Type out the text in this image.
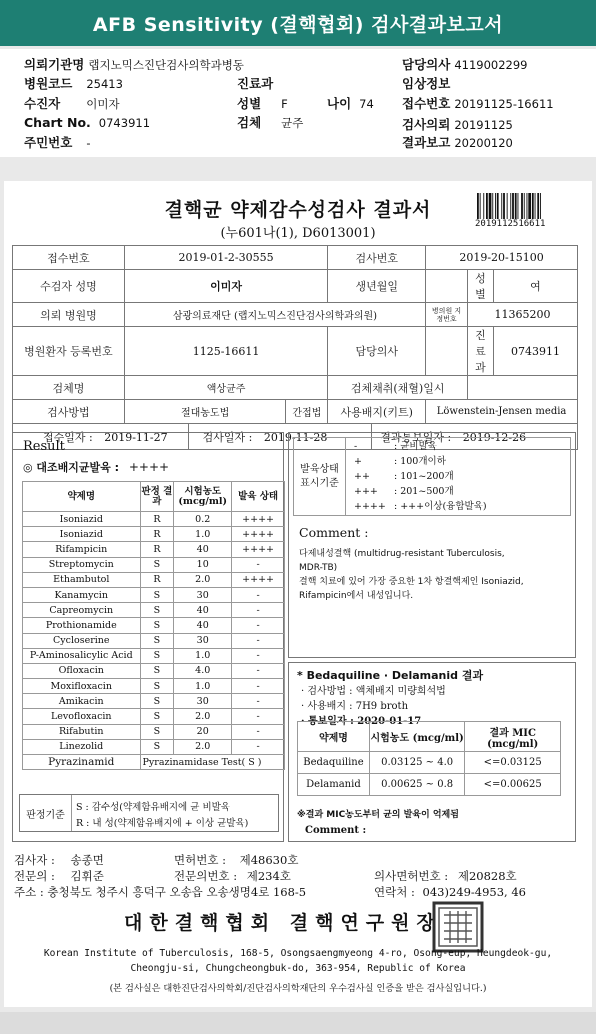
AFB Sensitivity (결핵협회) 검사결과보고서
의뢰기관명 랩지노믹스진단검사의학과병동	담당의사 4119002299
병원코드 25413	진료과	임상정보
수진자 이미자	성별 F	나이 74 접수번호 20191125-16611
Chart No. 0743911	검체 균주	검사의뢰 20191125
주민번호 -	결과보고 20200120
결핵균 약제감수성검사 결과서
(누601나(1), D6013001)
2019112516611
접수번호	2019-01-2-30555			검사번호		2019-20-15100		
수검자 성명	이미자			생년월일			성별	여
의뢰 병원명	삼광의료재단 (랩지노믹스진단검사의학과의원)					병의원 지정번호	11365200	
병원환자 등록번호	1125-16611			담당의사			진료과	0743911
검체명	액상균주			검체채취(채혈)일시				
검사방법	절대농도법		간접법	사용배지(키트)		Löwenstein-Jensen media		
접수일자 : 2019-11-27		검사일자 : 2019-11-28			결과통보일자 : 2019-12-26			
Result
◎ 대조배지균발육 : ++++
약제명	판정 결과	시험농도 (mcg/ml)	발육 상태
Isoniazid	R	0.2	++++
Isoniazid	R	1.0	++++
Rifampicin	R	40	++++
Streptomycin	S	10	-
Ethambutol	R	2.0	++++
Kanamycin	S	30	-
Capreomycin	S	40	-
Prothionamide	S	40	-
Cycloserine	S	30	-
P-Aminosalicylic Acid	S	1.0	-
Ofloxacin	S	4.0	-
Moxifloxacin	S	1.0	-
Amikacin	S	30	-
Levofloxacin	S	2.0	-
Rifabutin	S	20	-
Linezolid	S	2.0	-
Pyrazinamid	Pyrazinamidase Test( S )		
판정기준
S : 감수성(약제함유배지에 균 비발육
R : 내 성(약제함유배지에 + 이상 균발육)
발육상태 표시기준	
-	: 균비발육
+	: 100개이하
++	: 101~200개
+++ : 201~500개
++++ : +++이상(융합발육)
Comment :
다제내성결핵 (multidrug-resistant Tuberculosis,
MDR-TB)
결핵 치료에 있어 가장 중요한 1차 항결핵제인 Isoniazid,
Rifampicin에서 내성입니다.
* Bedaquiline · Delamanid 결과
· 검사방법 : 액체배지 미량희석법
· 사용배지 : 7H9 broth
· 통보일자 : 2020-01-17
약제명	시험농도 (mcg/ml)	결과 MIC (mcg/ml)
Bedaquiline	0.03125 ~ 4.0	<=0.03125
Delamanid	0.00625 ~ 0.8	<=0.00625
※결과 MIC농도부터 균의 발육이 억제됨
Comment :
검사자 : 송종면	면허번호 : 제48630호
전문의 : 김휘준	전문의번호 : 제234호	의사면허번호 : 제20828호
주소 : 충청북도 청주시 흥덕구 오송읍 오송생명4로 168-5	연락처 : 043)249-4953, 46
대한결핵협회 결핵연구원장
Korean Institute of Tuberculosis, 168-5, Osongsaengmyeong 4-ro, Osong-eup, Heungdeok-gu,
Cheongju-si, Chungcheongbuk-do, 363-954, Republic of Korea
(본 검사실은 대한진단검사의학회/진단검사의학재단의 우수검사실 인증을 받은 검사실입니다.)
